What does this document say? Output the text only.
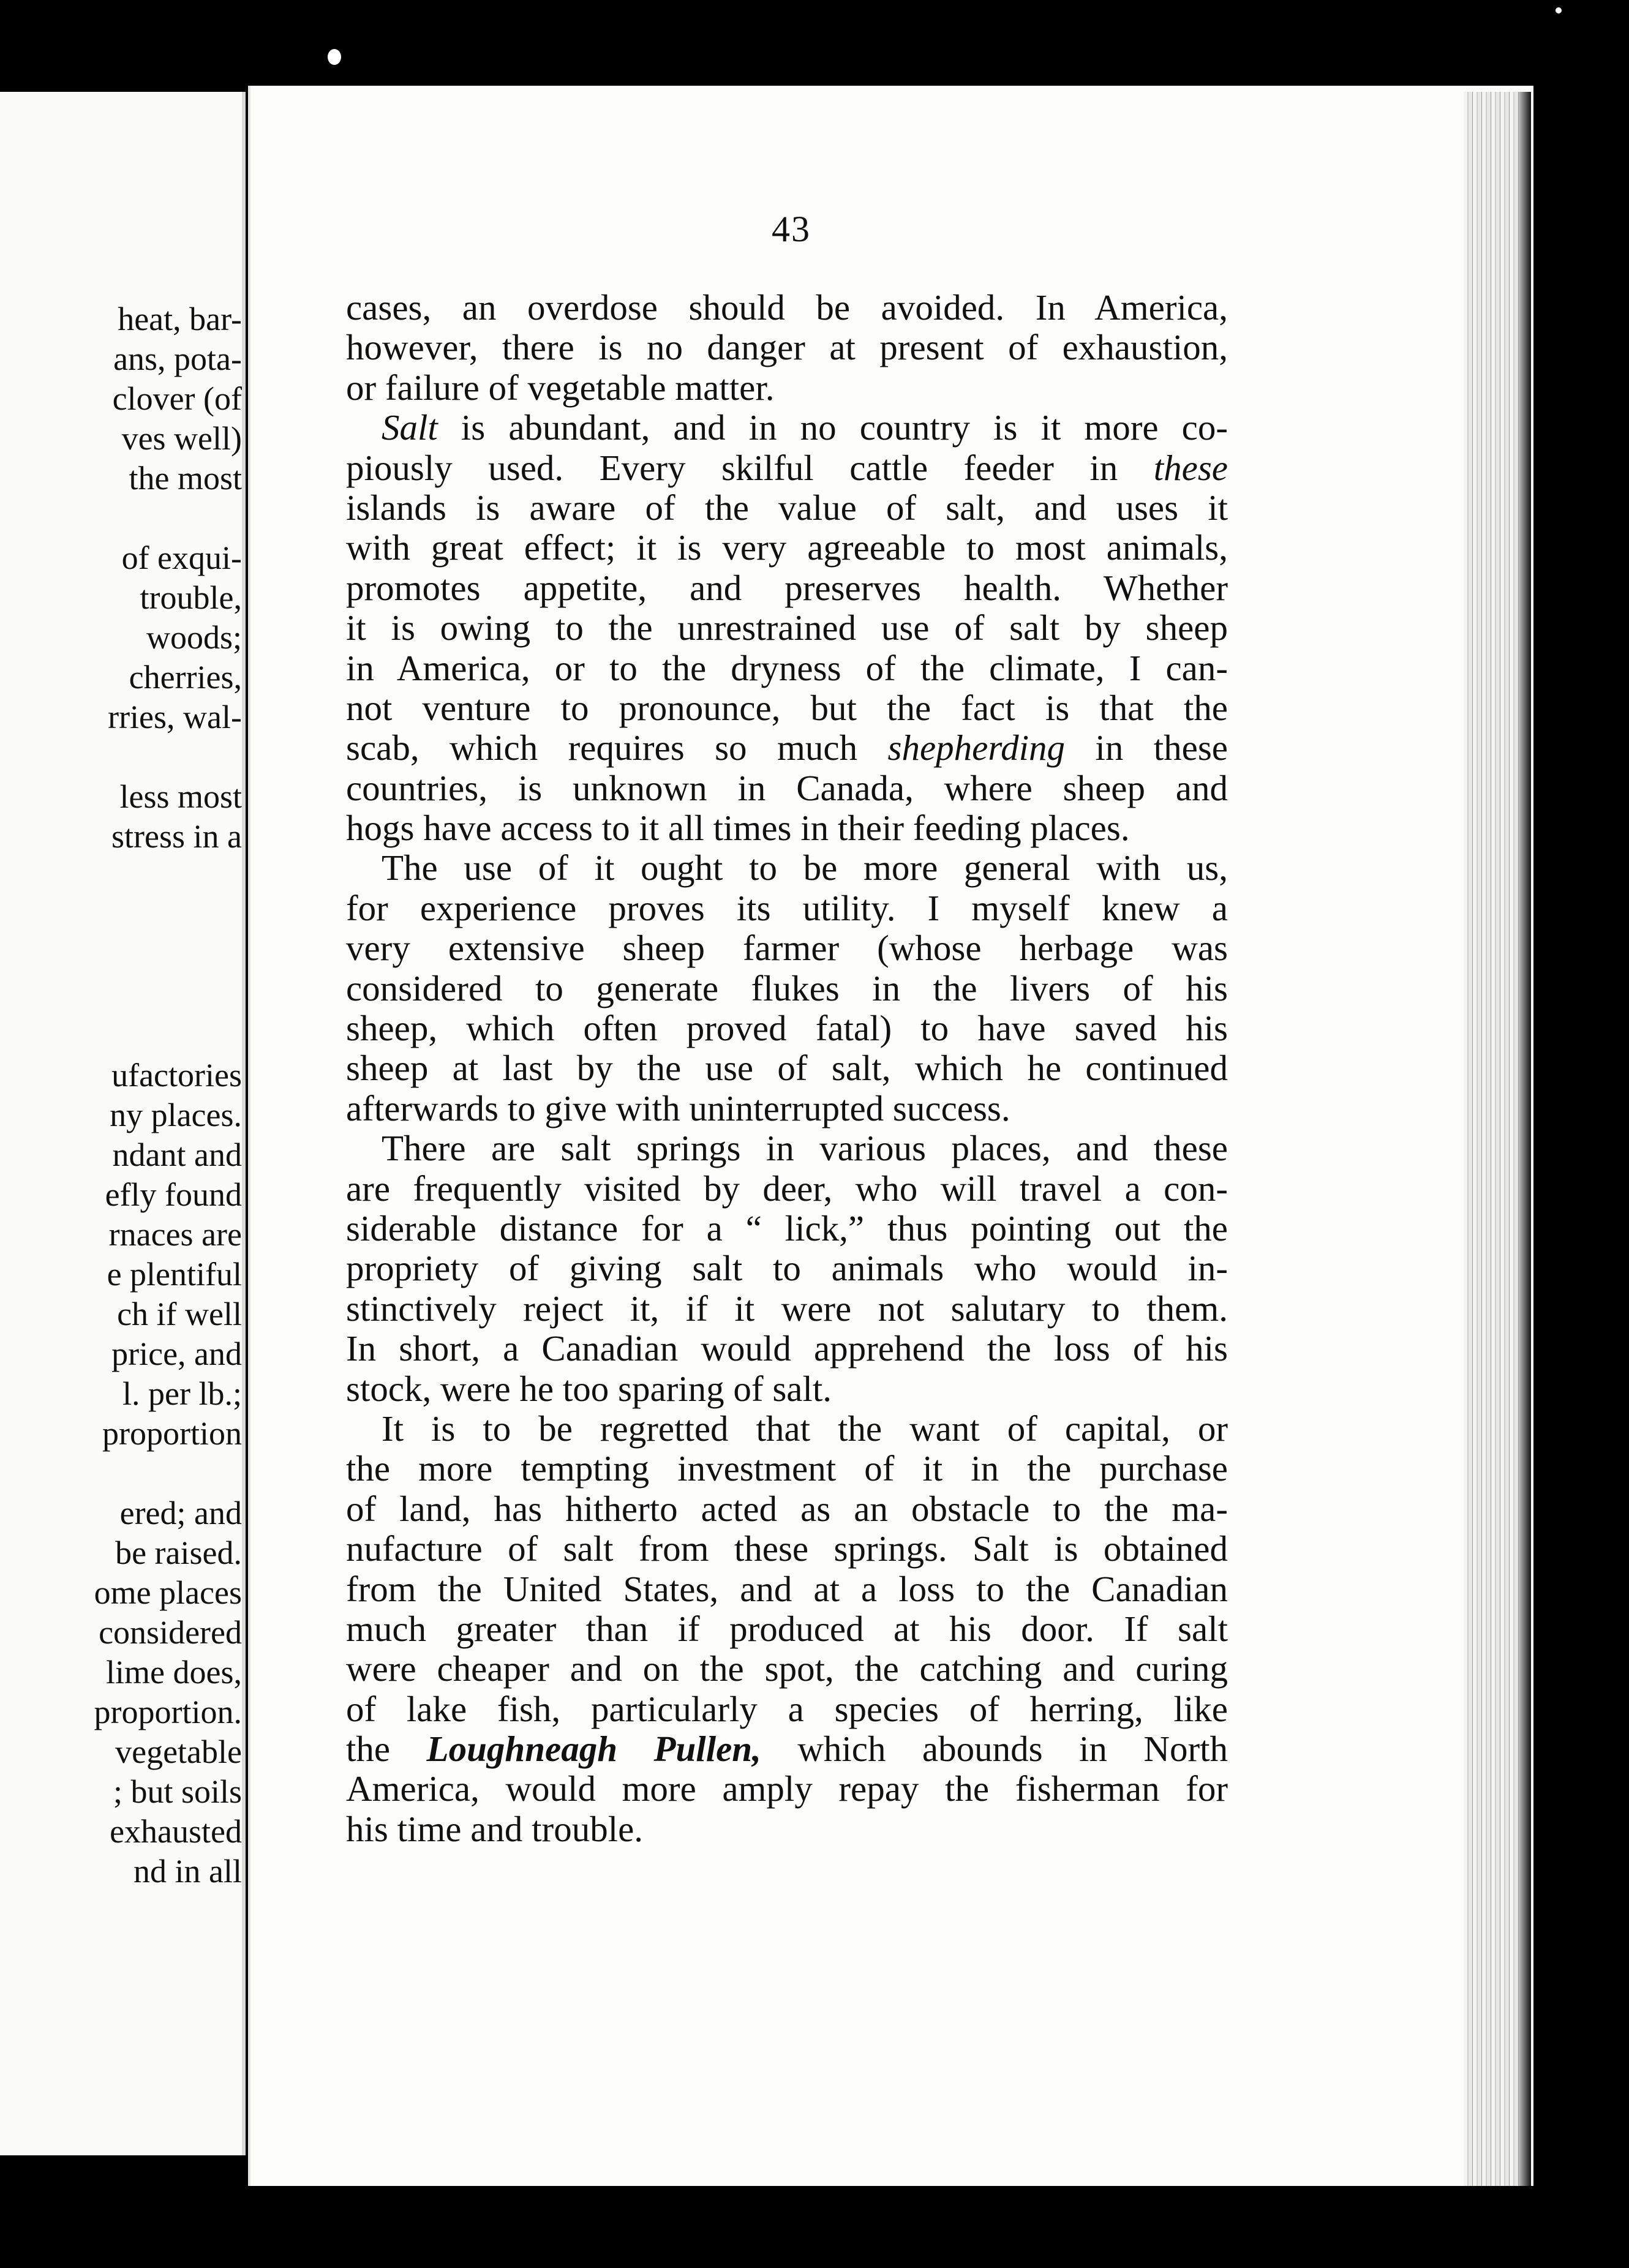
heat, bar-
ans, pota-
clover (of
ves well)
the most
of exqui-
trouble,
woods;
cherries,
rries, wal-
less most
stress in a
ufactories
ny places.
ndant and
efly found
rnaces are
e plentiful
ch if well
price, and
l. per lb.;
proportion
ered; and
be raised.
ome places
considered
lime does,
proportion.
vegetable
; but soils
exhausted
nd in all
43
cases, an overdose should be avoided. In America,
however, there is no danger at present of exhaustion,
or failure of vegetable matter.
Salt is abundant, and in no country is it more co-
piously used. Every skilful cattle feeder in these
islands is aware of the value of salt, and uses it
with great effect; it is very agreeable to most animals,
promotes appetite, and preserves health. Whether
it is owing to the unrestrained use of salt by sheep
in America, or to the dryness of the climate, I can-
not venture to pronounce, but the fact is that the
scab, which requires so much shepherding in these
countries, is unknown in Canada, where sheep and
hogs have access to it all times in their feeding places.
The use of it ought to be more general with us,
for experience proves its utility. I myself knew a
very extensive sheep farmer (whose herbage was
considered to generate flukes in the livers of his
sheep, which often proved fatal) to have saved his
sheep at last by the use of salt, which he continued
afterwards to give with uninterrupted success.
There are salt springs in various places, and these
are frequently visited by deer, who will travel a con-
siderable distance for a “ lick,” thus pointing out the
propriety of giving salt to animals who would in-
stinctively reject it, if it were not salutary to them.
In short, a Canadian would apprehend the loss of his
stock, were he too sparing of salt.
It is to be regretted that the want of capital, or
the more tempting investment of it in the purchase
of land, has hitherto acted as an obstacle to the ma-
nufacture of salt from these springs. Salt is obtained
from the United States, and at a loss to the Canadian
much greater than if produced at his door. If salt
were cheaper and on the spot, the catching and curing
of lake fish, particularly a species of herring, like
the Loughneagh Pullen, which abounds in North
America, would more amply repay the fisherman for
his time and trouble.
